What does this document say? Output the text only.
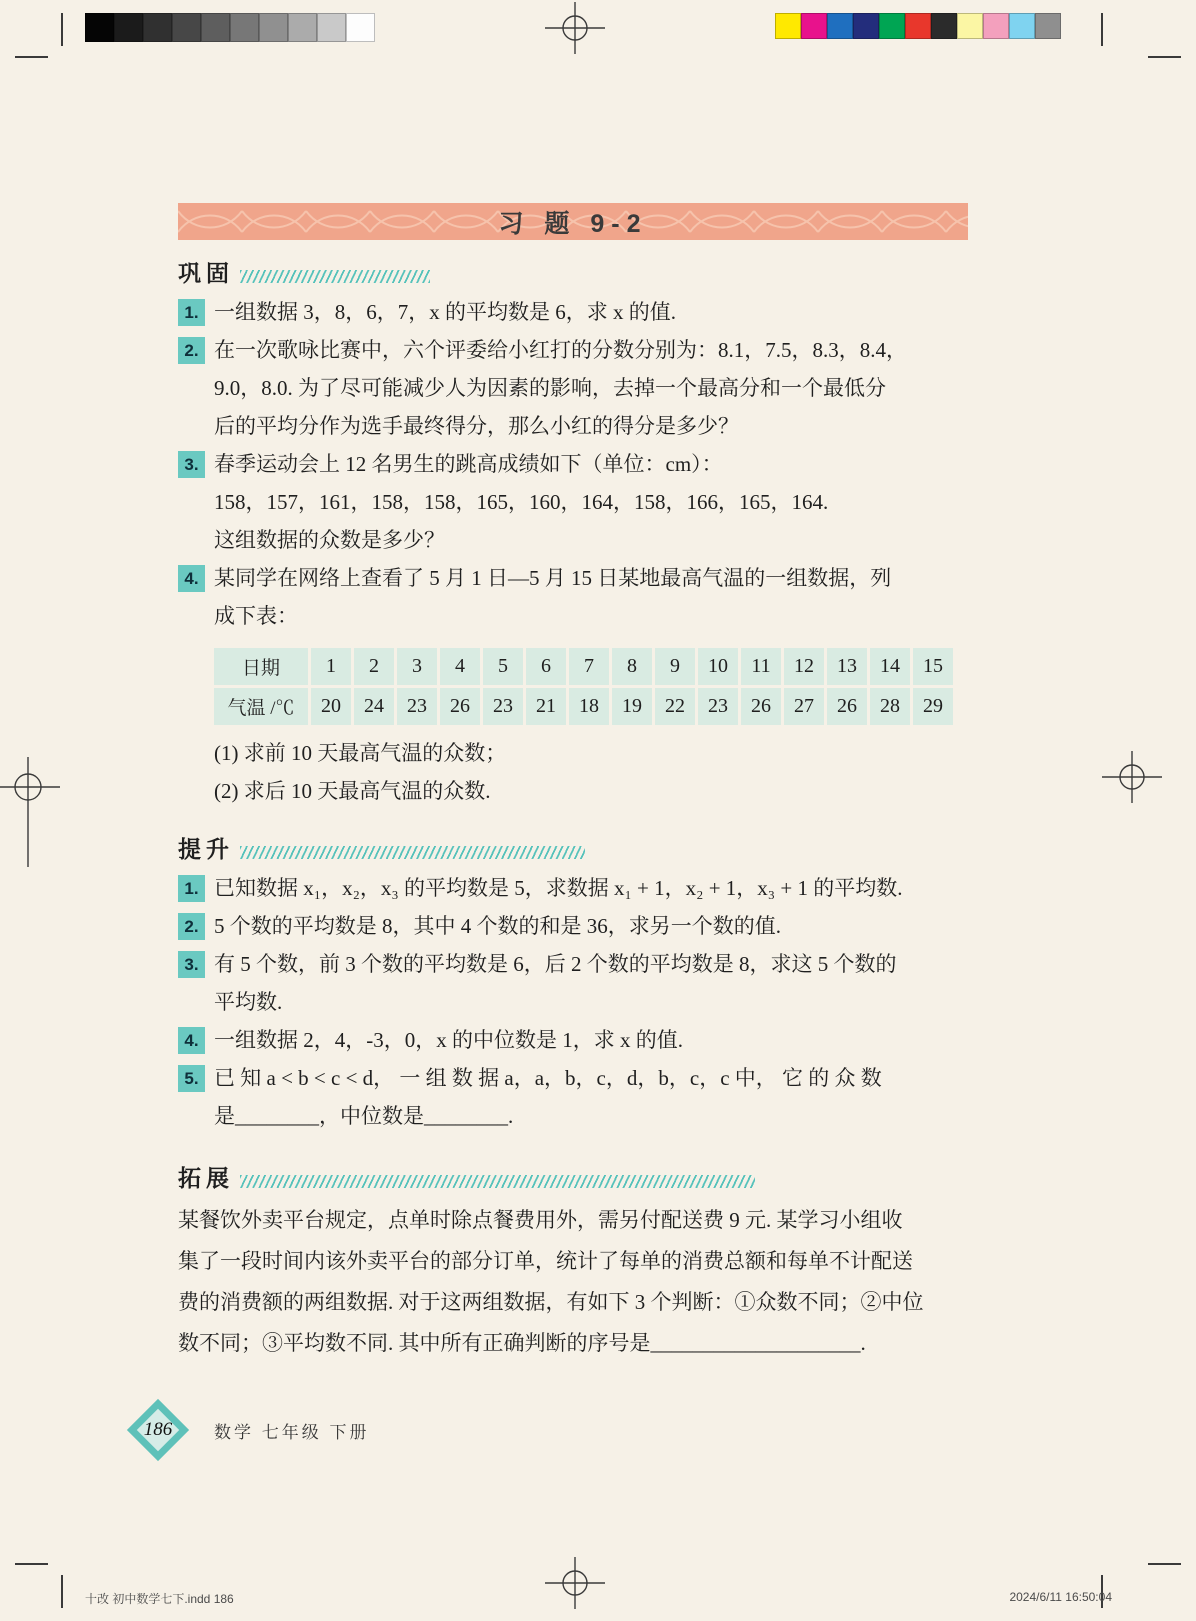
习 题 9-2
巩固
1. 一组数据 3，8，6，7，x 的平均数是 6，求 x 的值.
2. 在一次歌咏比赛中，六个评委给小红打的分数分别为：8.1，7.5，8.3，8.4，
9.0，8.0. 为了尽可能减少人为因素的影响，去掉一个最高分和一个最低分
后的平均分作为选手最终得分，那么小红的得分是多少？
3. 春季运动会上 12 名男生的跳高成绩如下（单位：cm）：
158，157，161，158，158，165，160，164，158，166，165，164.
这组数据的众数是多少？
4. 某同学在网络上查看了 5 月 1 日—5 月 15 日某地最高气温的一组数据，列
成下表：
日期	1	2	3	4	5	6	7	8	9	10	11	12	13	14	15
气温 /℃	20	24	23	26	23	21	18	19	22	23	26	27	26	28	29
(1) 求前 10 天最高气温的众数；
(2) 求后 10 天最高气温的众数.
提升
1. 已知数据 x₁，x₂，x₃ 的平均数是 5，求数据 x₁ + 1，x₂ + 1，x₃ + 1 的平均数.
2. 5 个数的平均数是 8，其中 4 个数的和是 36，求另一个数的值.
3. 有 5 个数，前 3 个数的平均数是 6，后 2 个数的平均数是 8，求这 5 个数的
平均数.
4. 一组数据 2，4，-3，0，x 的中位数是 1，求 x 的值.
5. 已 知 a < b < c < d， 一 组 数 据 a，a，b，c，d，b，c，c 中， 它 的 众 数
是________，中位数是________.
拓展
某餐饮外卖平台规定，点单时除点餐费用外，需另付配送费 9 元. 某学习小组收
集了一段时间内该外卖平台的部分订单，统计了每单的消费总额和每单不计配送
费的消费额的两组数据. 对于这两组数据，有如下 3 个判断：①众数不同；②中位
数不同；③平均数不同. 其中所有正确判断的序号是____________________.
186	数学 七年级 下册
十改 初中数学七下.indd 186	2024/6/11 16:50:04
